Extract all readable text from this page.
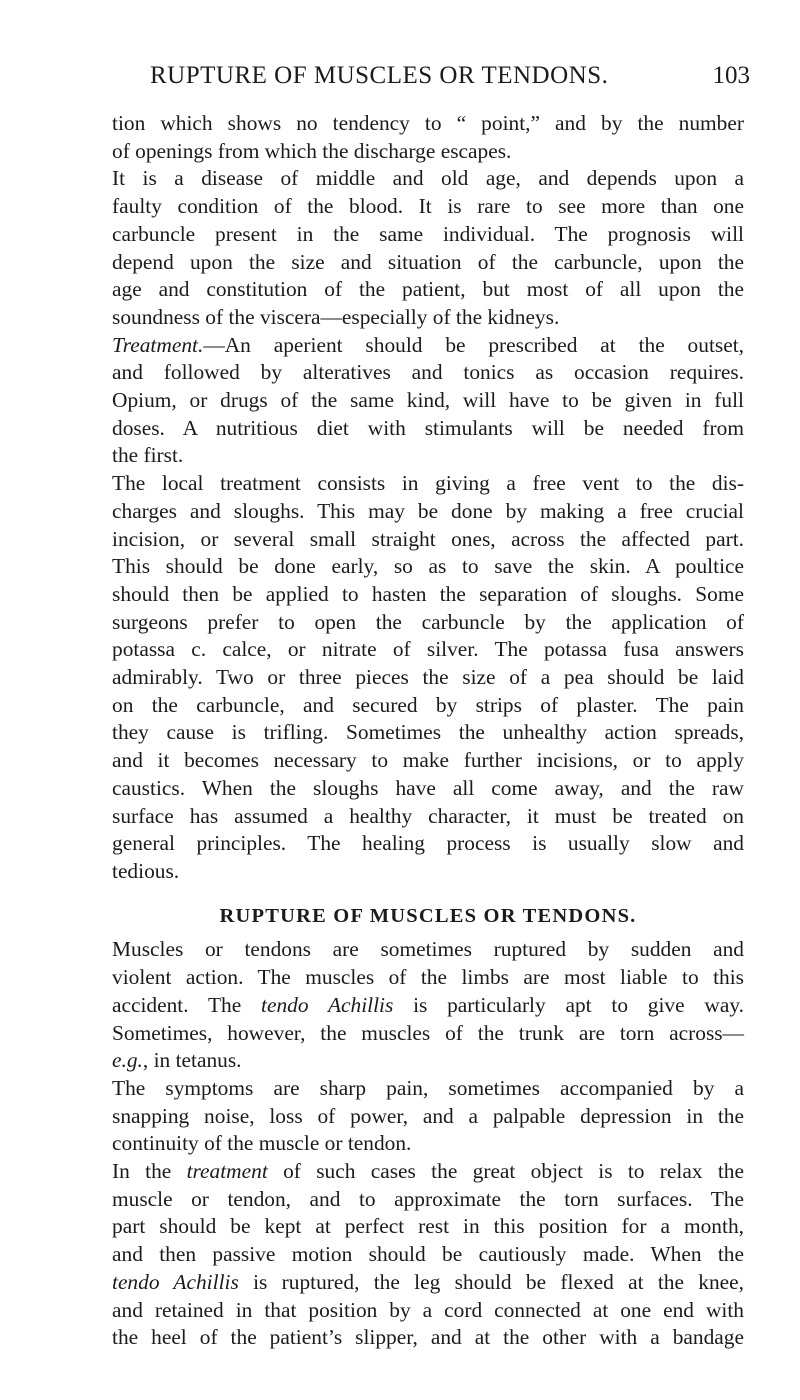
RUPTURE OF MUSCLES OR TENDONS.	103
tion which shows no tendency to “ point,” and by the number
of openings from which the discharge escapes.
It is a disease of middle and old age, and depends upon a
faulty condition of the blood. It is rare to see more than one
carbuncle present in the same individual. The prognosis will
depend upon the size and situation of the carbuncle, upon the
age and constitution of the patient, but most of all upon the
soundness of the viscera—especially of the kidneys.
Treatment.—An aperient should be prescribed at the outset,
and followed by alteratives and tonics as occasion requires.
Opium, or drugs of the same kind, will have to be given in full
doses. A nutritious diet with stimulants will be needed from
the first.
The local treatment consists in giving a free vent to the dis-
charges and sloughs. This may be done by making a free crucial
incision, or several small straight ones, across the affected part.
This should be done early, so as to save the skin. A poultice
should then be applied to hasten the separation of sloughs. Some
surgeons prefer to open the carbuncle by the application of
potassa c. calce, or nitrate of silver. The potassa fusa answers
admirably. Two or three pieces the size of a pea should be laid
on the carbuncle, and secured by strips of plaster. The pain
they cause is trifling. Sometimes the unhealthy action spreads,
and it becomes necessary to make further incisions, or to apply
caustics. When the sloughs have all come away, and the raw
surface has assumed a healthy character, it must be treated on
general principles. The healing process is usually slow and
tedious.
RUPTURE OF MUSCLES OR TENDONS.
Muscles or tendons are sometimes ruptured by sudden and
violent action. The muscles of the limbs are most liable to this
accident. The tendo Achillis is particularly apt to give way.
Sometimes, however, the muscles of the trunk are torn across—
e.g., in tetanus.
The symptoms are sharp pain, sometimes accompanied by a
snapping noise, loss of power, and a palpable depression in the
continuity of the muscle or tendon.
In the treatment of such cases the great object is to relax the
muscle or tendon, and to approximate the torn surfaces. The
part should be kept at perfect rest in this position for a month,
and then passive motion should be cautiously made. When the
tendo Achillis is ruptured, the leg should be flexed at the knee,
and retained in that position by a cord connected at one end with
the heel of the patient’s slipper, and at the other with a bandage
